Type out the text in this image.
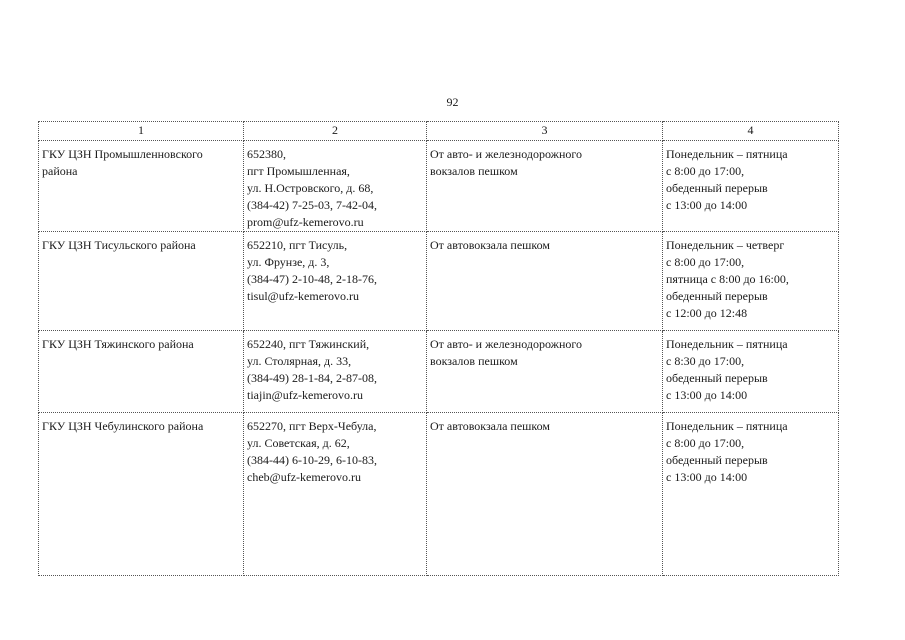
92
1	2	3	4

ГКУ ЦЗН Промышленновского района	652380,
пгт Промышленная,
ул. Н.Островского, д. 68,
(384-42) 7-25-03, 7-42-04,
prom@ufz-kemerovo.ru	От авто- и железнодорожного
вокзалов пешком	Понедельник – пятница
с 8:00 до 17:00,
обеденный перерыв
с 13:00 до 14:00

ГКУ ЦЗН Тисульского района	652210, пгт Тисуль,
ул. Фрунзе, д. 3,
(384-47) 2-10-48, 2-18-76,
tisul@ufz-kemerovo.ru	От автовокзала пешком	Понедельник – четверг
с 8:00 до 17:00,
пятница с 8:00 до 16:00,
обеденный перерыв
с 12:00 до 12:48

ГКУ ЦЗН Тяжинского района	652240, пгт Тяжинский,
ул. Столярная, д. 33,
(384-49) 28-1-84, 2-87-08,
tiajin@ufz-kemerovo.ru	От авто- и железнодорожного
вокзалов пешком	Понедельник – пятница
с 8:30 до 17:00,
обеденный перерыв
с 13:00 до 14:00

ГКУ ЦЗН Чебулинского района	652270, пгт Верх-Чебула,
ул. Советская, д. 62,
(384-44) 6-10-29, 6-10-83,
cheb@ufz-kemerovo.ru	От автовокзала пешком	Понедельник – пятница
с 8:00 до 17:00,
обеденный перерыв
с 13:00 до 14:00
